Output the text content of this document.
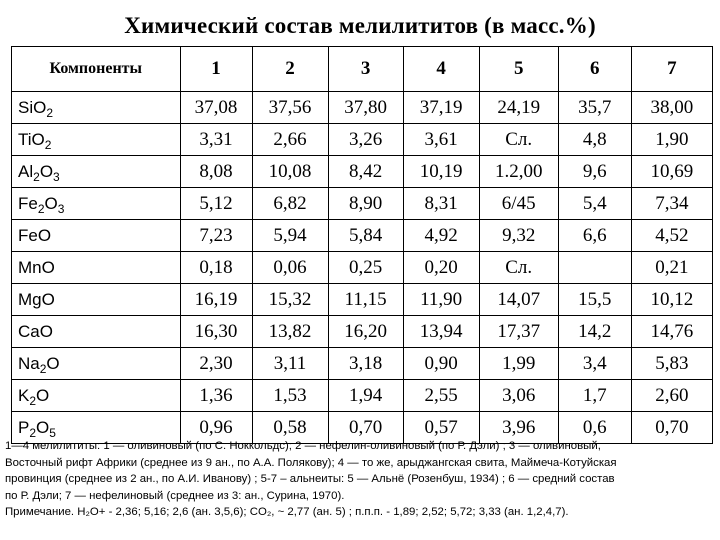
Химический состав мелилититов (в масс.%)
Компоненты	1	2	3	4	5	6	7
SiO$_2$	37,08	37,56	37,80	37,19	24,19	35,7	38,00
TiO$_2$	3,31	2,66	3,26	3,61	Сл.	4,8	1,90
$Al_2O_3$	8,08	10,08	8,42	10,19	1.2,00	9,6	10,69
$Fe_2O_3$	5,12	6,82	8,90	8,31	6/45	5,4	7,34
FeO	7,23	5,94	5,84	4,92	9,32	6,6	4,52
MnO	0,18	0,06	0,25	0,20	Сл.		0,21
MgO	16,19	15,32	11,15	11,90	14,07	15,5	10,12
CaO	16,30	13,82	16,20	13,94	17,37	14,2	14,76
$Na_2O$	2,30	3,11	3,18	0,90	1,99	3,4	5,83
$K_2O$	1,36	1,53	1,94	2,55	3,06	1,7	2,60
$P_2O_5$	0,96	0,58	0,70	0,57	3,96	0,6	0,70

1—4 мелилититы: 1 — оливиновый (по С. Ноккольдс); 2 — нефелин-оливиновый (по Р. Дэли) ; 3 — оливиновый,

Восточный рифт Африки (среднее из 9 ан., по А.А. Полякову); 4 — то же, арыджангская свита, Маймеча-Котуйская

провинция (среднее из 2 ан., по А.И. Иванову) ; 5-7 – альнеиты: 5 — Альнё (Розенбуш, 1934) ; 6 — средний состав

по Р. Дэли; 7 — нефелиновый (среднее из 3: ан., Сурина, 1970).

Примечание. H₂O+ - 2,36; 5,16; 2,6 (ан. 3,5,6); CO₂, ~ 2,77 (ан. 5) ; п.п.п. - 1,89; 2,52; 5,72; 3,33 (ан. 1,2,4,7).
